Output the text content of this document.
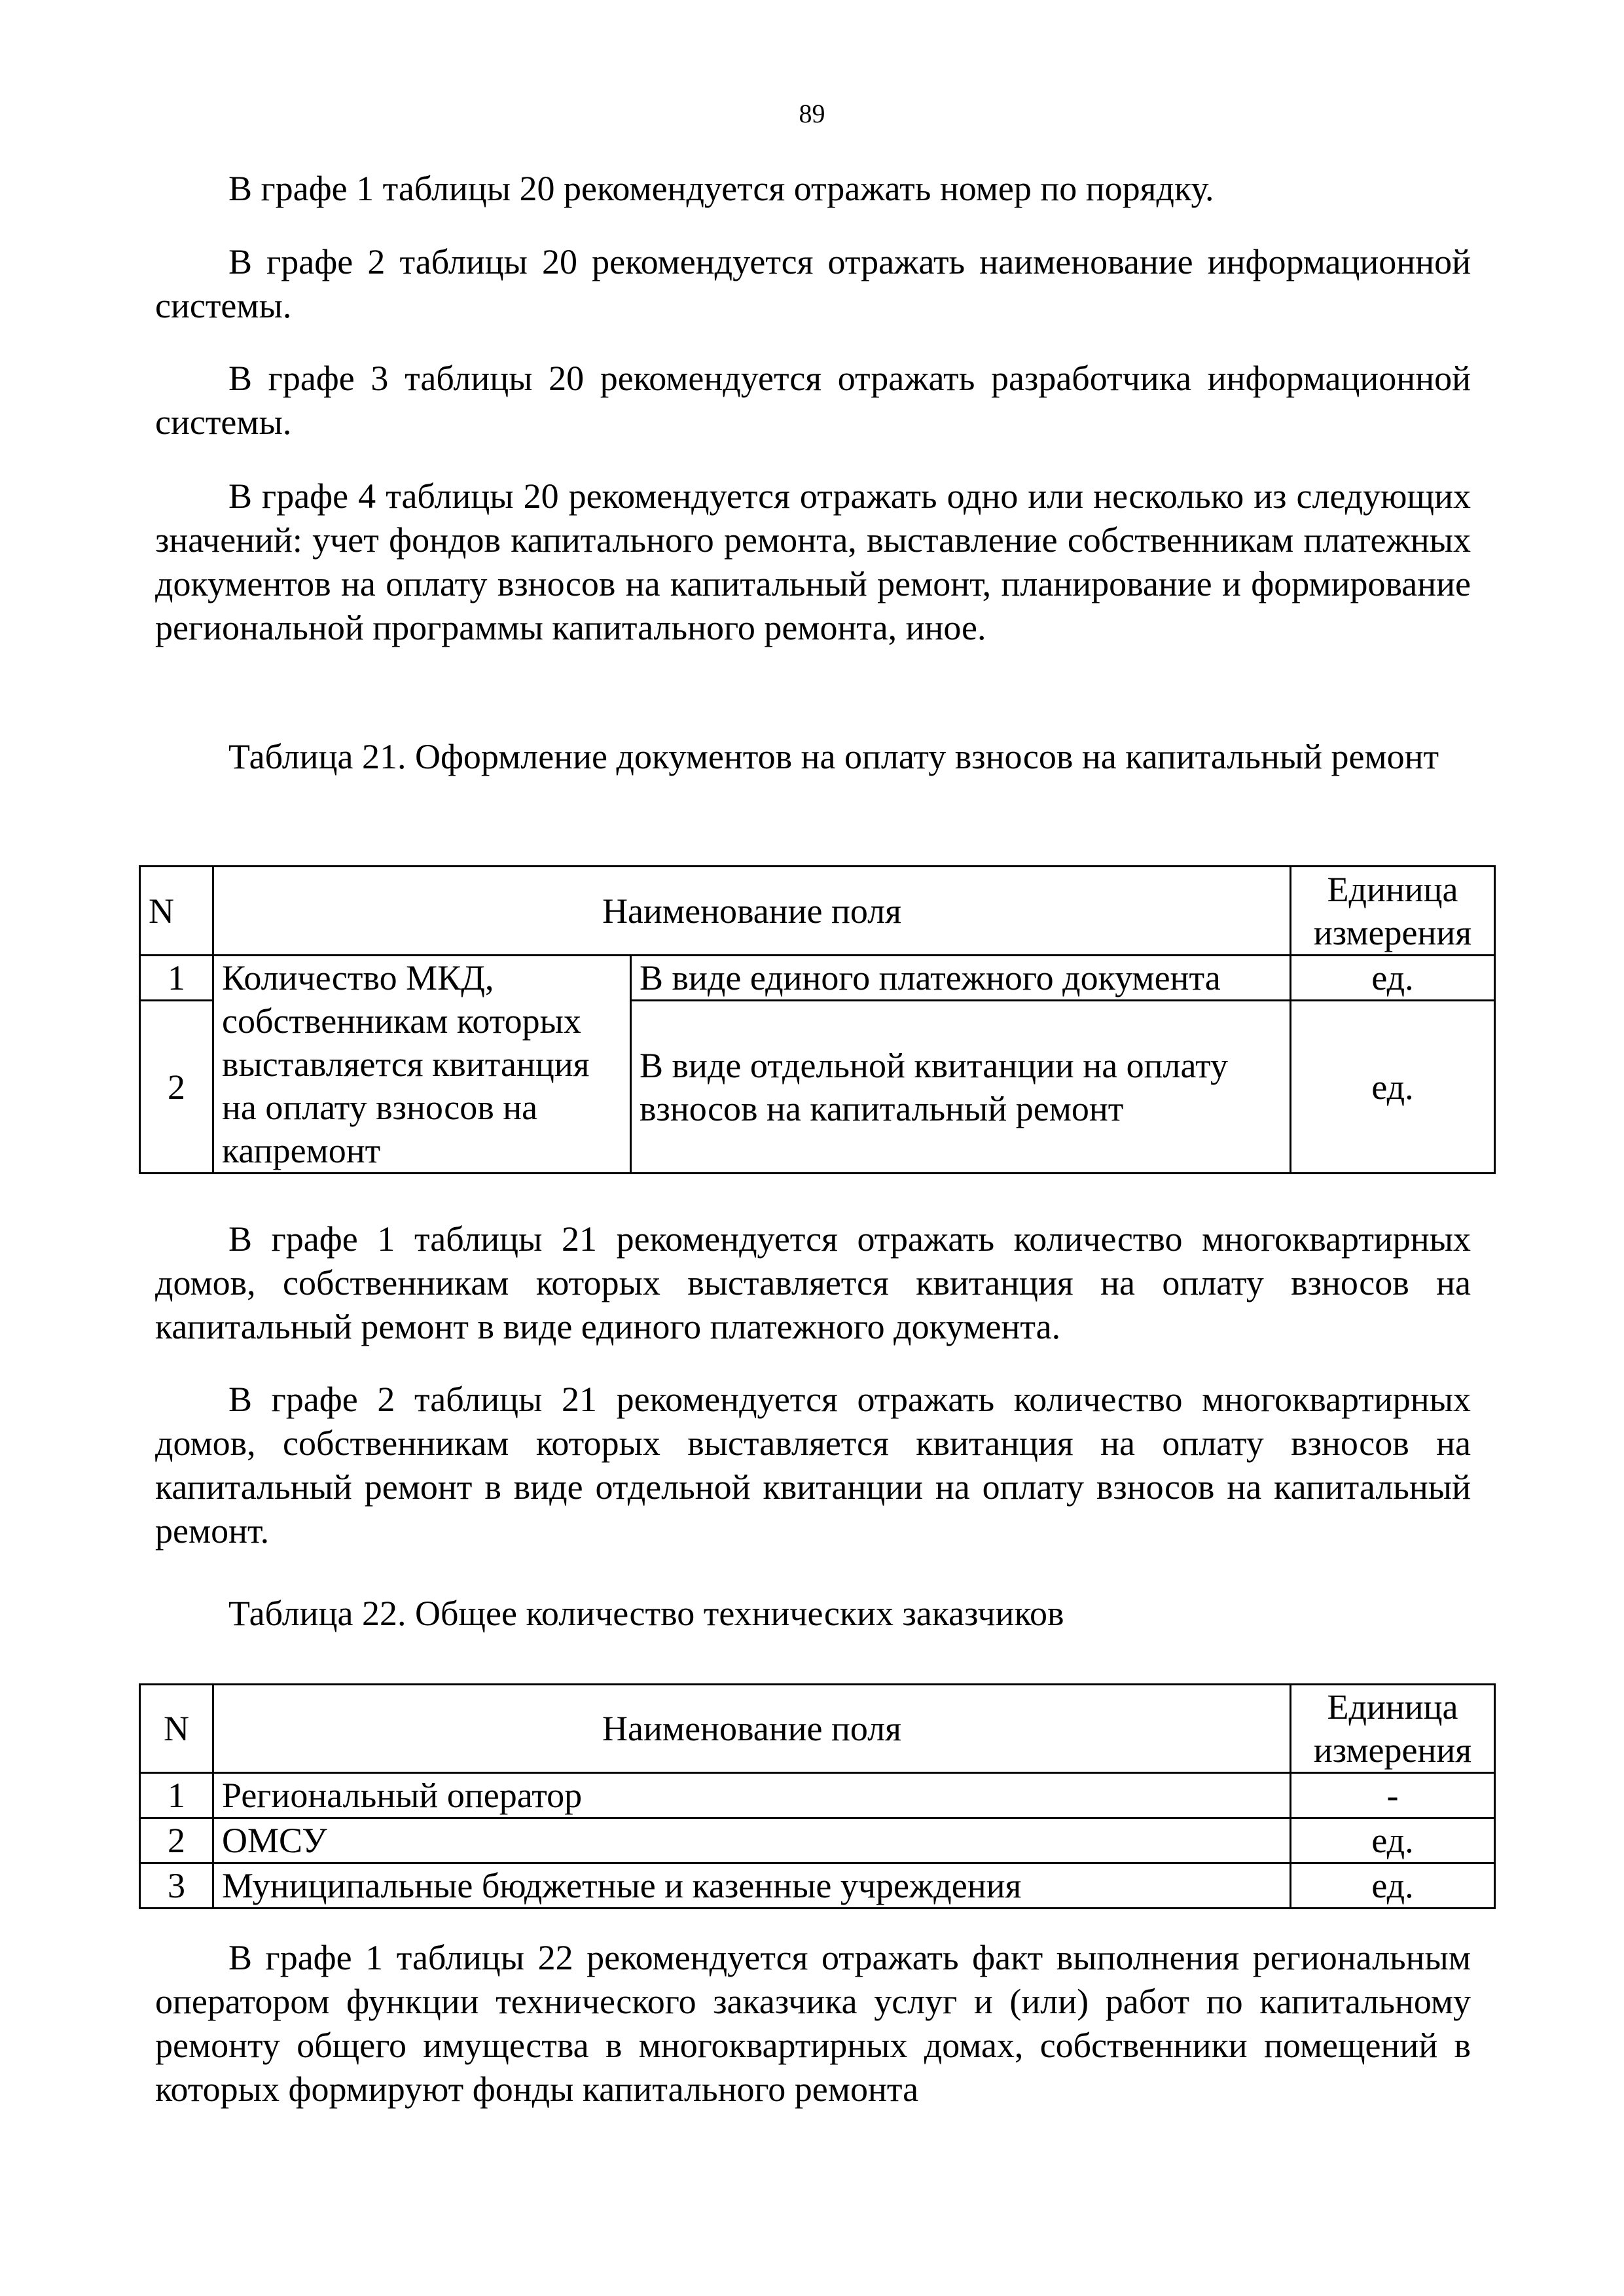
89

В графе 1 таблицы 20 рекомендуется отражать номер по порядку.

В графе 2 таблицы 20 рекомендуется отражать наименование информационной системы.

В графе 3 таблицы 20 рекомендуется отражать разработчика информационной системы.

В графе 4 таблицы 20 рекомендуется отражать одно или несколько из следующих значений: учет фондов капитального ремонта, выставление собственникам платежных документов на оплату взносов на капитальный ремонт, планирование и формирование региональной программы капитального ремонта, иное.

Таблица 21. Оформление документов на оплату взносов на капитальный ремонт

N	Наименование поля		Единица измерения
1	Количество МКД, собственникам которых выставляется квитанция на оплату взносов на капремонт	В виде единого платежного документа	ед.
2		В виде отдельной квитанции на оплату взносов на капитальный ремонт	ед.

В графе 1 таблицы 21 рекомендуется отражать количество многоквартирных домов, собственникам которых выставляется квитанция на оплату взносов на капитальный ремонт в виде единого платежного документа.

В графе 2 таблицы 21 рекомендуется отражать количество многоквартирных домов, собственникам которых выставляется квитанция на оплату взносов на капитальный ремонт в виде отдельной квитанции на оплату взносов на капитальный ремонт.

Таблица 22. Общее количество технических заказчиков

N	Наименование поля	Единица измерения
1	Региональный оператор	-
2	ОМСУ	ед.
3	Муниципальные бюджетные и казенные учреждения	ед.

В графе 1 таблицы 22 рекомендуется отражать факт выполнения региональным оператором функции технического заказчика услуг и (или) работ по капитальному ремонту общего имущества в многоквартирных домах, собственники помещений в которых формируют фонды капитального ремонта
